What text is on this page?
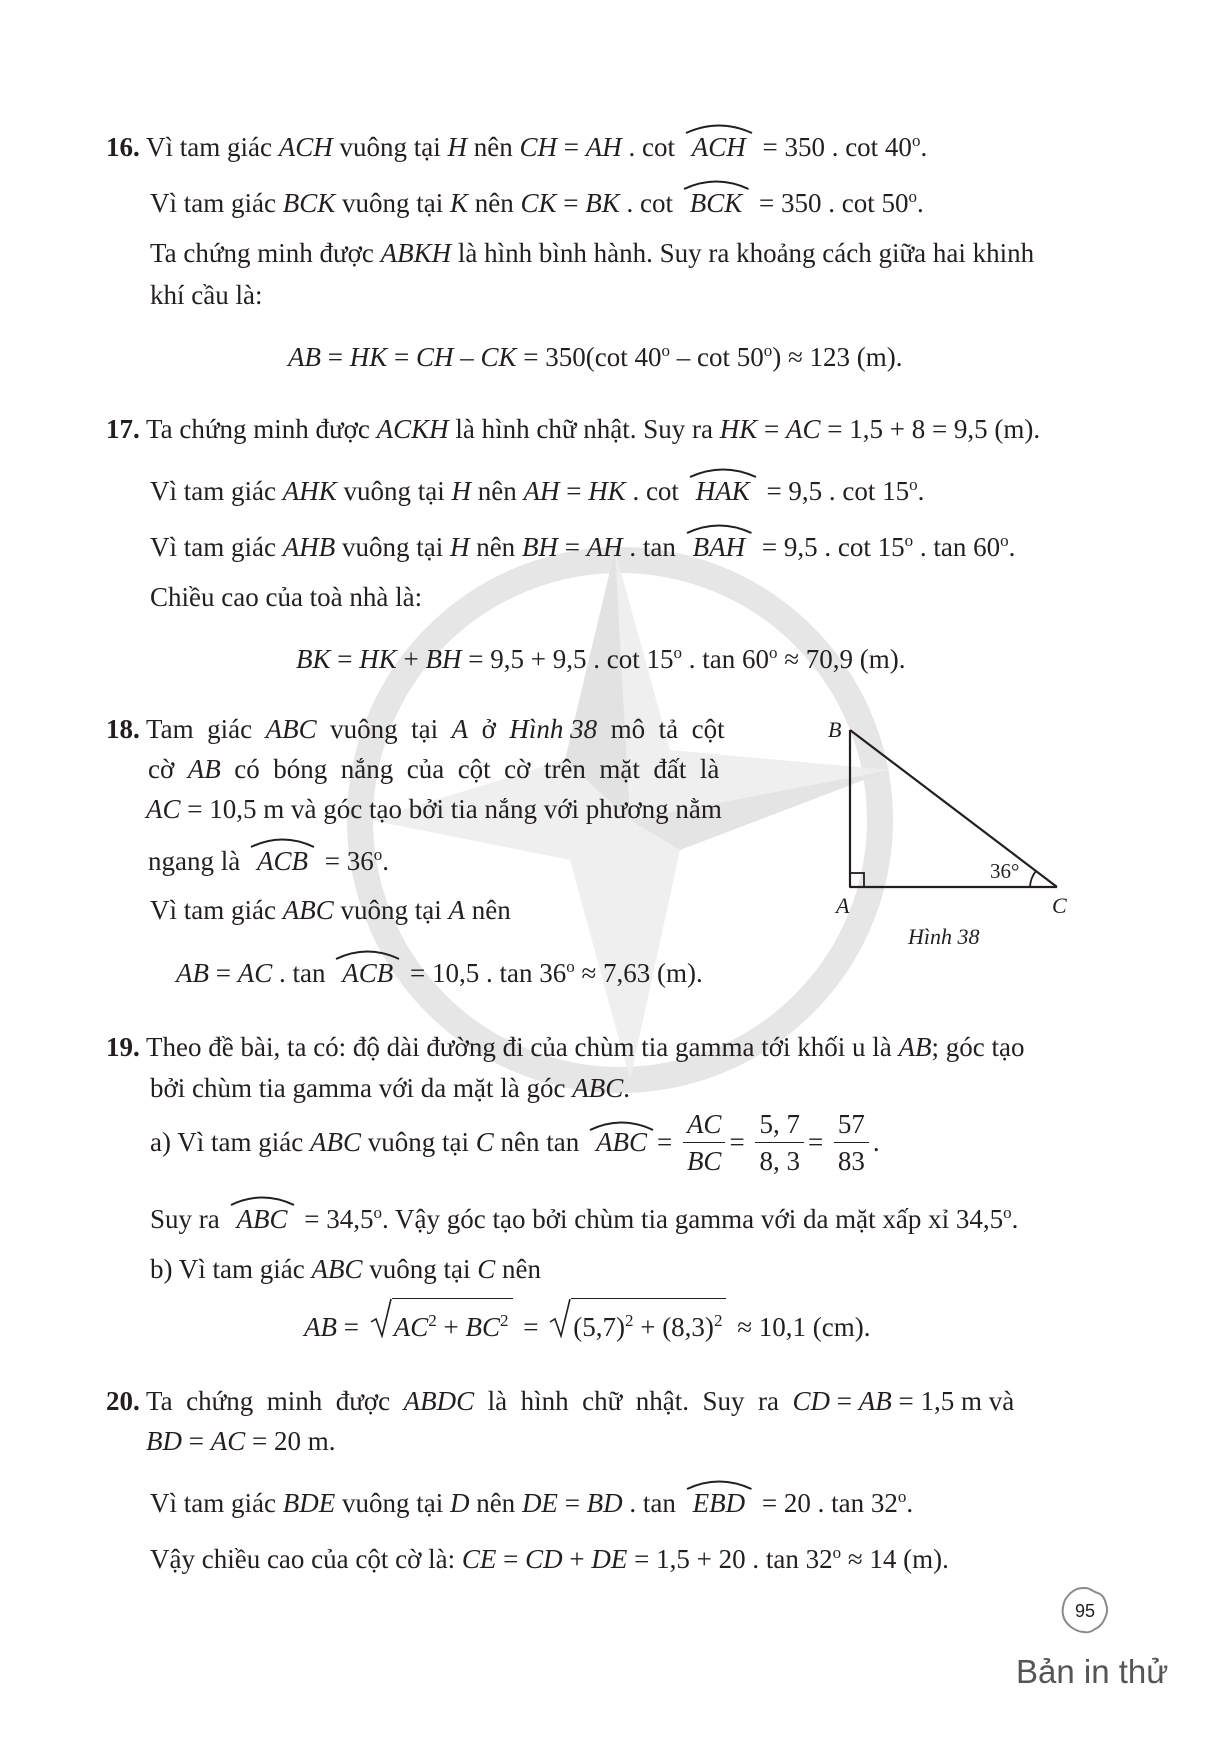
16. Vì tam giác ACH vuông tại H nên CH = AH . cot
ACH = 350 . cot 40$^o$.
Vì tam giác BCK vuông tại K nên CK = BK . cot
BCK = 350 . cot 50$^o$.
Ta chứng minh được ABKH là hình bình hành. Suy ra khoảng cách giữa hai khinh
khí cầu là:
AB = HK = CH – CK = 350(cot $40^o - \cot 50^o) \approx 123$ (m).
17. Ta chứng minh được ACKH là hình chữ nhật. Suy ra HK = AC = 1,5 + 8 = 9,5 (m).
Vì tam giác AHK vuông tại H nên AH = HK . cot
HAK = 9,5 . cot 15$^o$.
Vì tam giác AHB vuông tại H nên BH = AH . tan
BAH = 9,5 . cot 15$^o$ . tan 60$^o$.
Chiều cao của toà nhà là:
BK = HK + BH = 9,5 + 9,5 . cot 15$^o$ . $\tan 60^o \approx 70,9$ (m).
18. Tam  giác  ABC  vuông  tại  A  ở  Hình 38  mô  tả  cột
cờ  AB  có  bóng  nắng  của  cột  cờ  trên  mặt  đất  là
AC = 10,5 m và góc tạo bởi tia nắng với phương nằm
ngang là
ACB = $36^o$.
Vì tam giác ABC vuông tại A nên
AB = AC . tan
ACB = 10,5 . $\tan 36^o \approx 7,63$ (m).
B
A	C
36°
Hình 38
19. Theo đề bài, ta có: độ dài đường đi của chùm tia gamma tới khối u là AB; góc tạo
bởi chùm tia gamma với da mặt là góc ABC.
a) Vì tam giác ABC vuông tại C nên tan
ABC = $\frac{AC}{BC} = \frac{5, 7}{8, 3} = \frac{57}{83}$ .
Suy ra
ABC = $34,5^o$. Vậy góc tạo bởi chùm tia gamma với da mặt xấp xỉ 34,5$^o$.
b) Vì tam giác ABC vuông tại C nên
AB =
$AC^2 + BC^2$ =
$(5,7)^2 + (8,3)^2 \approx 10,1$ (cm).
20. Ta  chứng  minh  được  ABDC  là  hình  chữ  nhật.  Suy  ra  CD = AB = 1,5 m và
BD = AC = 20 m.
Vì tam giác BDE vuông tại D nên DE = BD . tan
EBD = 20 . tan 32$^o$.
Vậy chiều cao của cột cờ là: CE = CD + DE = 1,5 + 20 . $\tan 32^o \approx 14$ (m).
95
Bản in thử
